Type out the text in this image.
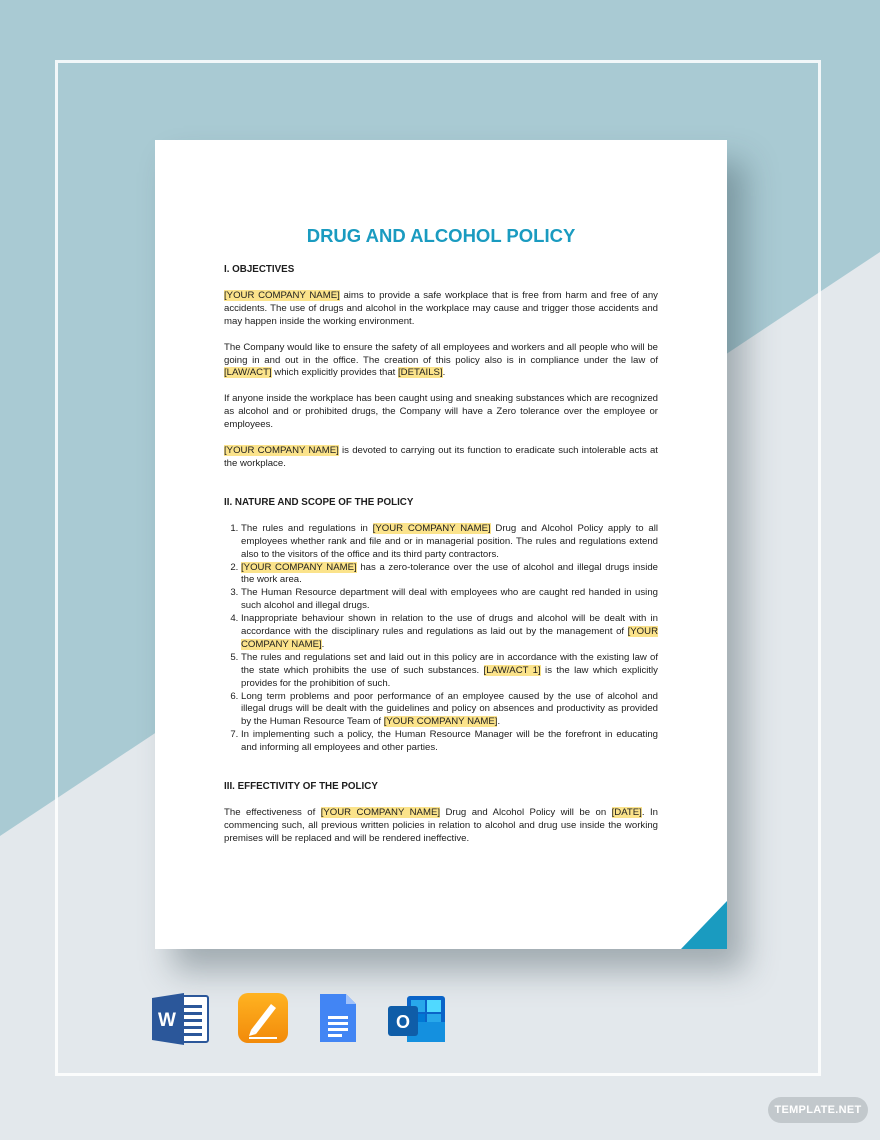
DRUG AND ALCOHOL POLICY
I. OBJECTIVES

[YOUR COMPANY NAME] aims to provide a safe workplace that is free from harm and free of any accidents. The use of drugs and alcohol in the workplace may cause and trigger those accidents and may happen inside the working environment.

The Company would like to ensure the safety of all employees and workers and all people who will be going in and out in the office. The creation of this policy also is in compliance under the law of [LAW/ACT] which explicitly provides that [DETAILS].

If anyone inside the workplace has been caught using and sneaking substances which are recognized as alcohol and or prohibited drugs, the Company will have a Zero tolerance over the employee or employees.

[YOUR COMPANY NAME] is devoted to carrying out its function to eradicate such intolerable acts at the workplace.

II. NATURE AND SCOPE OF THE POLICY
1. The rules and regulations in [YOUR COMPANY NAME] Drug and Alcohol Policy apply to all employees whether rank and file and or in managerial position. The rules and regulations extend also to the visitors of the office and its third party contractors.
2. [YOUR COMPANY NAME] has a zero-tolerance over the use of alcohol and illegal drugs inside the work area.
3. The Human Resource department will deal with employees who are caught red handed in using such alcohol and illegal drugs.
4. Inappropriate behaviour shown in relation to the use of drugs and alcohol will be dealt with in accordance with the disciplinary rules and regulations as laid out by the management of [YOUR COMPANY NAME].
5. The rules and regulations set and laid out in this policy are in accordance with the existing law of the state which prohibits the use of such substances. [LAW/ACT 1] is the law which explicitly provides for the prohibition of such.
6. Long term problems and poor performance of an employee caused by the use of alcohol and illegal drugs will be dealt with the guidelines and policy on absences and productivity as provided by the Human Resource Team of [YOUR COMPANY NAME].
7. In implementing such a policy, the Human Resource Manager will be the forefront in educating and informing all employees and other parties.
III. EFFECTIVITY OF THE POLICY

The effectiveness of [YOUR COMPANY NAME] Drug and Alcohol Policy will be on [DATE]. In commencing such, all previous written policies in relation to alcohol and drug use inside the working premises will be replaced and will be rendered ineffective.

W	O
TEMPLATE.NET
